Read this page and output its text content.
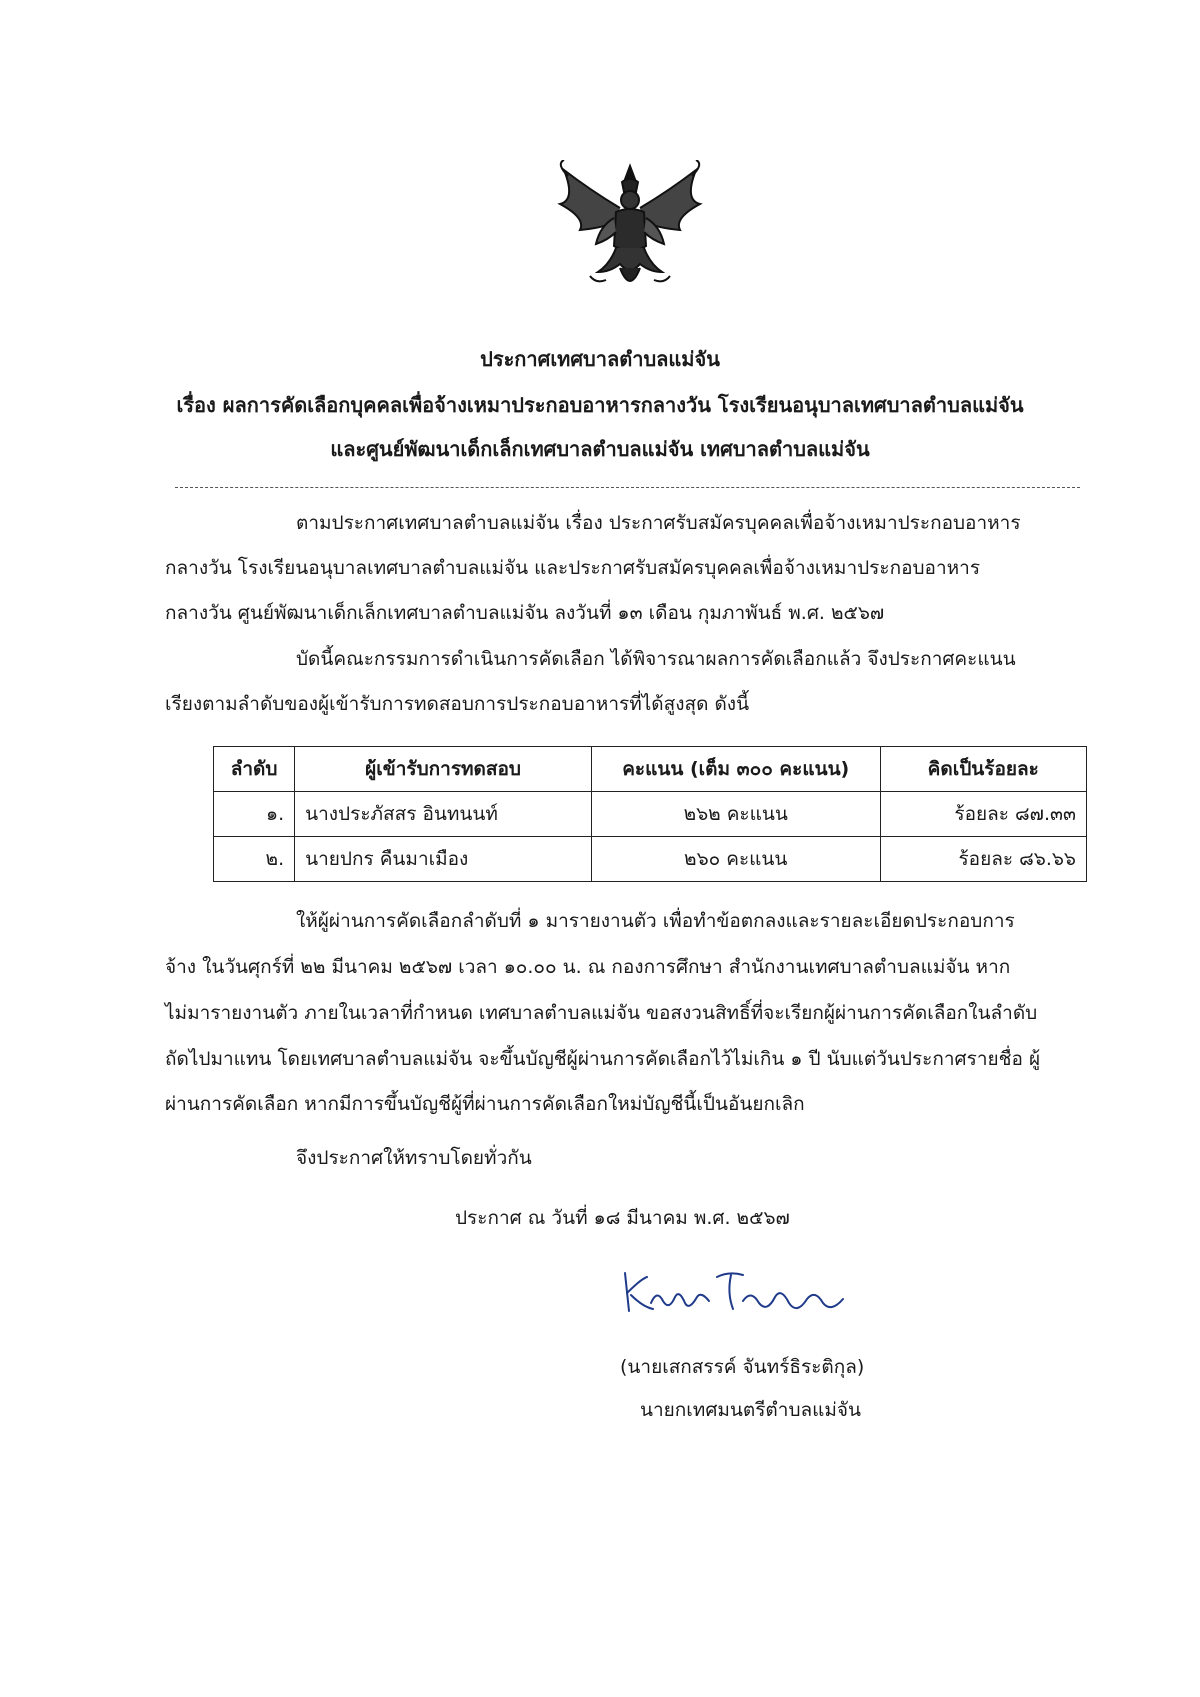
ประกาศเทศบาลตำบลแม่จัน
เรื่อง ผลการคัดเลือกบุคคลเพื่อจ้างเหมาประกอบอาหารกลางวัน โรงเรียนอนุบาลเทศบาลตำบลแม่จัน
และศูนย์พัฒนาเด็กเล็กเทศบาลตำบลแม่จัน เทศบาลตำบลแม่จัน
ตามประกาศเทศบาลตำบลแม่จัน เรื่อง ประกาศรับสมัครบุคคลเพื่อจ้างเหมาประกอบอาหาร
กลางวัน โรงเรียนอนุบาลเทศบาลตำบลแม่จัน และประกาศรับสมัครบุคคลเพื่อจ้างเหมาประกอบอาหาร
กลางวัน ศูนย์พัฒนาเด็กเล็กเทศบาลตำบลแม่จัน ลงวันที่ ๑๓ เดือน กุมภาพันธ์ พ.ศ. ๒๕๖๗
บัดนี้คณะกรรมการดำเนินการคัดเลือก ได้พิจารณาผลการคัดเลือกแล้ว จึงประกาศคะแนน
เรียงตามลำดับของผู้เข้ารับการทดสอบการประกอบอาหารที่ได้สูงสุด ดังนี้
ลำดับ	ผู้เข้ารับการทดสอบ	คะแนน (เต็ม ๓๐๐ คะแนน)	คิดเป็นร้อยละ
๑.	นางประภัสสร อินทนนท์	๒๖๒ คะแนน	ร้อยละ ๘๗.๓๓
๒.	นายปกร คืนมาเมือง	๒๖๐ คะแนน	ร้อยละ ๘๖.๖๖
ให้ผู้ผ่านการคัดเลือกลำดับที่ ๑ มารายงานตัว เพื่อทำข้อตกลงและรายละเอียดประกอบการ
จ้าง ในวันศุกร์ที่ ๒๒ มีนาคม ๒๕๖๗ เวลา ๑๐.๐๐ น. ณ กองการศึกษา สำนักงานเทศบาลตำบลแม่จัน หาก
ไม่มารายงานตัว ภายในเวลาที่กำหนด เทศบาลตำบลแม่จัน ขอสงวนสิทธิ์ที่จะเรียกผู้ผ่านการคัดเลือกในลำดับ
ถัดไปมาแทน โดยเทศบาลตำบลแม่จัน จะขึ้นบัญชีผู้ผ่านการคัดเลือกไว้ไม่เกิน ๑ ปี นับแต่วันประกาศรายชื่อ ผู้
ผ่านการคัดเลือก หากมีการขึ้นบัญชีผู้ที่ผ่านการคัดเลือกใหม่บัญชีนี้เป็นอันยกเลิก
จึงประกาศให้ทราบโดยทั่วกัน
ประกาศ ณ วันที่ ๑๘ มีนาคม พ.ศ. ๒๕๖๗
(นายเสกสรรค์ จันทร์ธิระติกุล)
นายกเทศมนตรีตำบลแม่จัน
